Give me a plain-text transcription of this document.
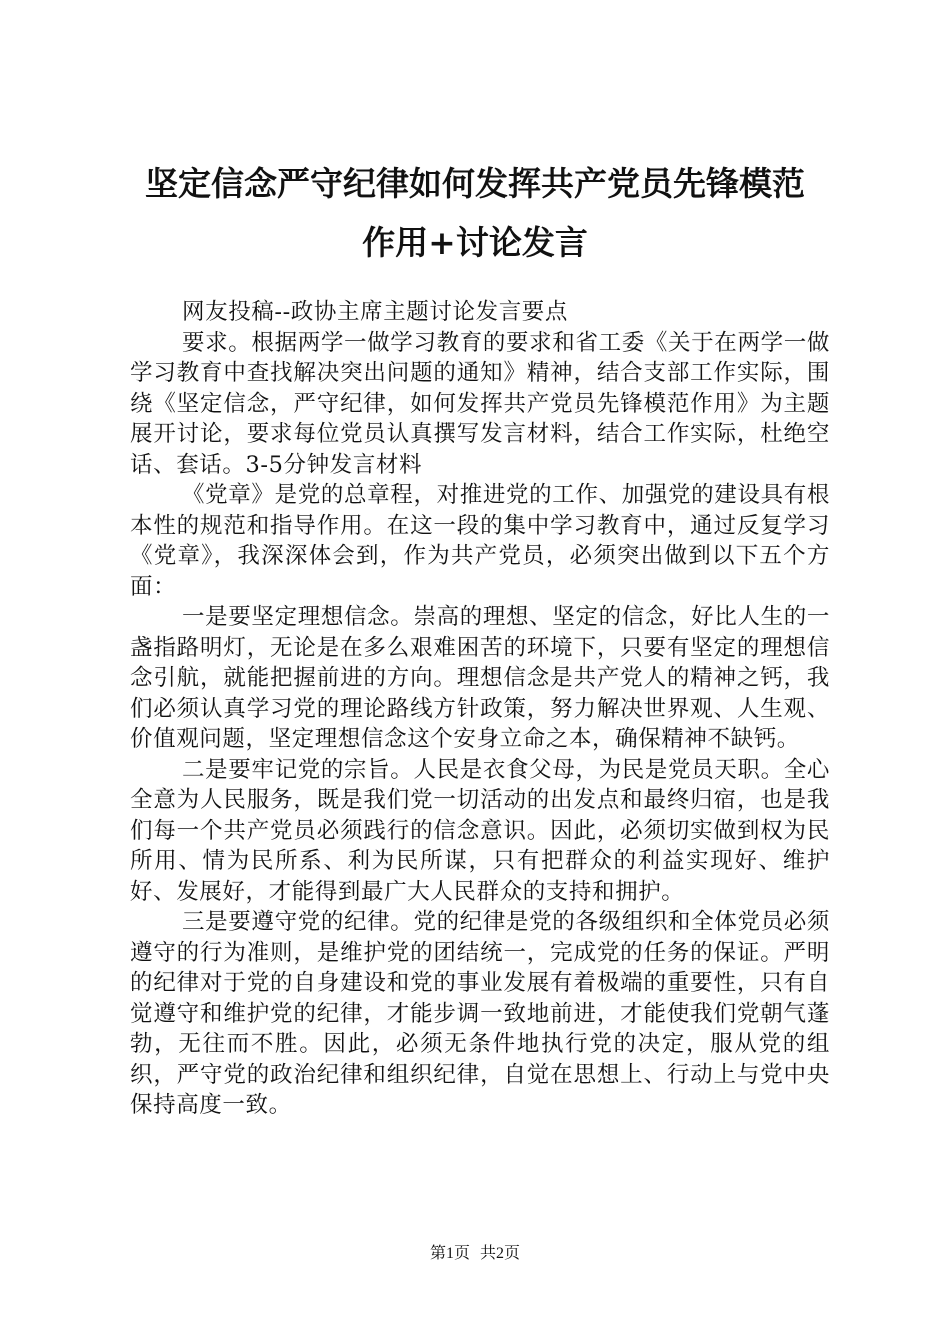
坚定信念严守纪律如何发挥共产党员先锋模范
作用+讨论发言

网友投稿--政协主席主题讨论发言要点

要求。根据两学一做学习教育的要求和省工委《关于在两学一做学习教育中查找解决突出问题的通知》精神，结合支部工作实际，围绕《坚定信念，严守纪律，如何发挥共产党员先锋模范作用》为主题展开讨论，要求每位党员认真撰写发言材料，结合工作实际，杜绝空话、套话。3-5分钟发言材料

《党章》是党的总章程，对推进党的工作、加强党的建设具有根本性的规范和指导作用。在这一段的集中学习教育中，通过反复学习《党章》，我深深体会到，作为共产党员，必须突出做到以下五个方面：

一是要坚定理想信念。崇高的理想、坚定的信念，好比人生的一盏指路明灯，无论是在多么艰难困苦的环境下，只要有坚定的理想信念引航，就能把握前进的方向。理想信念是共产党人的精神之钙，我们必须认真学习党的理论路线方针政策，努力解决世界观、人生观、价值观问题，坚定理想信念这个安身立命之本，确保精神不缺钙。

二是要牢记党的宗旨。人民是衣食父母，为民是党员天职。全心全意为人民服务，既是我们党一切活动的出发点和最终归宿，也是我们每一个共产党员必须践行的信念意识。因此，必须切实做到权为民所用、情为民所系、利为民所谋，只有把群众的利益实现好、维护好、发展好，才能得到最广大人民群众的支持和拥护。

三是要遵守党的纪律。党的纪律是党的各级组织和全体党员必须遵守的行为准则，是维护党的团结统一，完成党的任务的保证。严明的纪律对于党的自身建设和党的事业发展有着极端的重要性，只有自觉遵守和维护党的纪律，才能步调一致地前进，才能使我们党朝气蓬勃，无往而不胜。因此，必须无条件地执行党的决定，服从党的组织，严守党的政治纪律和组织纪律，自觉在思想上、行动上与党中央保持高度一致。

第1页 共2页
